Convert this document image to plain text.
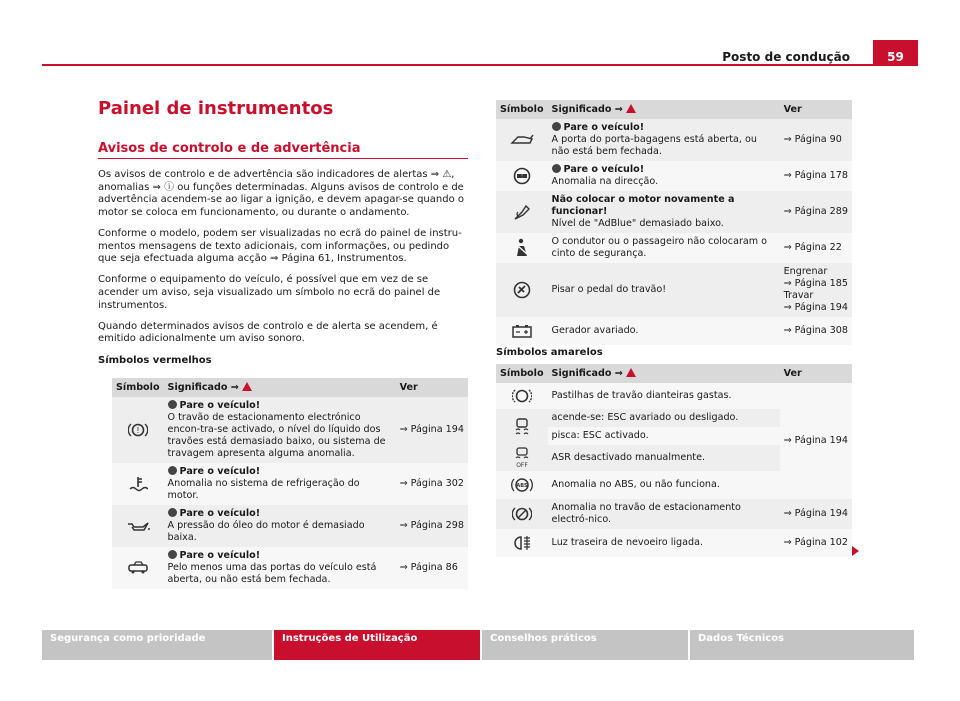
Posto de condução	59
Painel de instrumentos
Avisos de controlo e de advertência

Os avisos de controlo e de advertência são indicadores de alertas ⇒ ⚠, anomalias ⇒ ⓘ ou funções determinadas. Alguns avisos de controlo e de advertência acendem-se ao ligar a ignição, e devem apagar-se quando o motor se coloca em funcionamento, ou durante o andamento.

Conforme o modelo, podem ser visualizadas no ecrã do painel de instru-mentos mensagens de texto adicionais, com informações, ou pedindo que seja efectuada alguma acção ⇒ Página 61, Instrumentos.

Conforme o equipamento do veículo, é possível que em vez de se acender um aviso, seja visualizado um símbolo no ecrã do painel de instrumentos.

Quando determinados avisos de controlo e de alerta se acendem, é emitido adicionalmente um aviso sonoro.

Símbolos vermelhos

Símbolo	Significado ⇒	Ver

!	Pare o veículo!
O travão de estacionamento electrónico encon-tra-se activado, o nível do líquido dos travões está demasiado baixo, ou sistema de travagem apresenta alguma anomalia.	⇒ Página 194

Pare o veículo!
Anomalia no sistema de refrigeração do motor.	⇒ Página 302

Pare o veículo!
A pressão do óleo do motor é demasiado baixa.	⇒ Página 298

Pare o veículo!
Pelo menos uma das portas do veículo está aberta, ou não está bem fechada.	⇒ Página 86
Símbolo	Significado ⇒	Ver

Pare o veículo!
A porta do porta-bagagens está aberta, ou não está bem fechada.	⇒ Página 90

!	Pare o veículo!
Anomalia na direcção.	⇒ Página 178

Não colocar o motor novamente a funcionar!
Nível de "AdBlue" demasiado baixo.	⇒ Página 289

	O condutor ou o passageiro não colocaram o cinto de segurança.	⇒ Página 22

	Pisar o pedal do travão!	Engrenar
⇒ Página 185
Travar
⇒ Página 194

	Gerador avariado.	⇒ Página 308
Símbolos amarelos
Símbolo	Significado ⇒	Ver

	Pastilhas de travão dianteiras gastas.	⇒ Página 194

	acende-se: ESC avariado ou desligado.	
	pisca: ESC activado.	

OFF	ASR desactivado manualmente.	

ABS	Anomalia no ABS, ou não funciona.	

	Anomalia no travão de estacionamento electró-nico.	⇒ Página 194

	Luz traseira de nevoeiro ligada.	⇒ Página 102
Segurança como prioridade	Instruções de Utilização	Conselhos práticos	Dados Técnicos
